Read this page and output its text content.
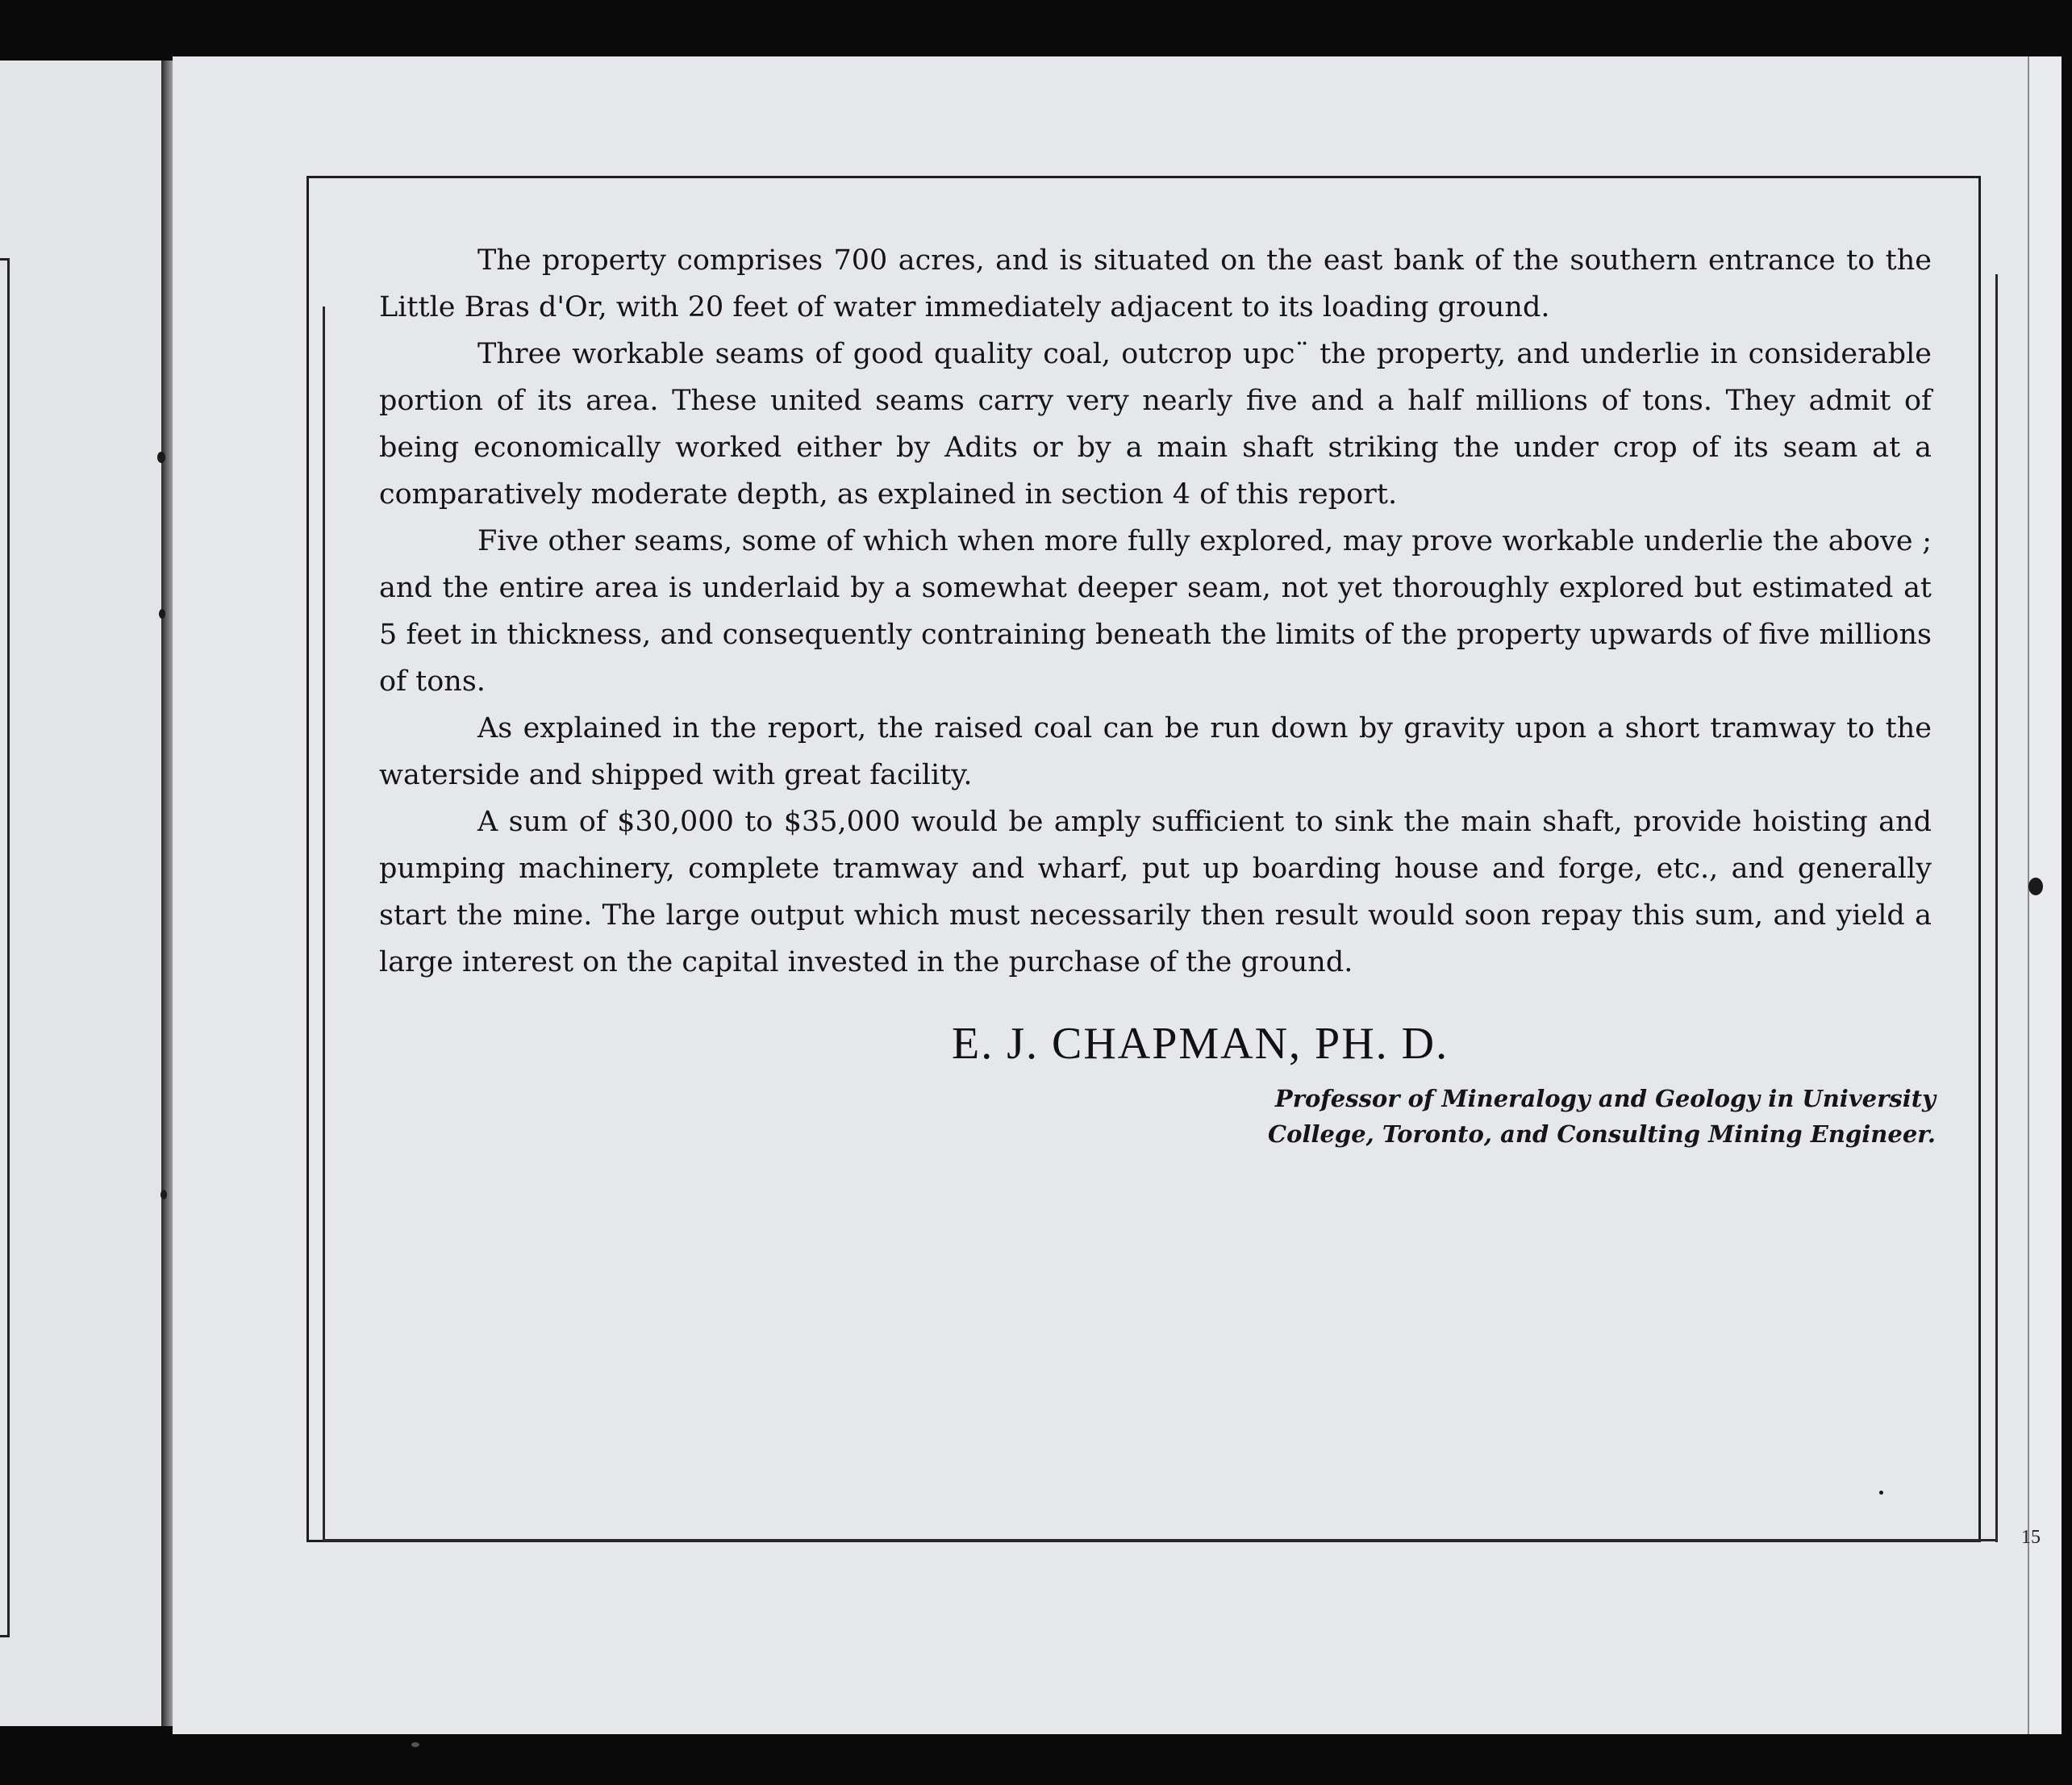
The property comprises 700 acres, and is situated on the east bank of the southern entrance to the Little Bras d'Or, with 20 feet of water immediately adjacent to its loading ground.

Three workable seams of good quality coal, outcrop upc¨ the property, and underlie in considerable portion of its area. These united seams carry very nearly five and a half millions of tons. They admit of being economically worked either by Adits or by a main shaft striking the under crop of its seam at a comparatively moderate depth, as explained in section 4 of this report.

Five other seams, some of which when more fully explored, may prove workable underlie the above ; and the entire area is underlaid by a somewhat deeper seam, not yet thoroughly explored but estimated at 5 feet in thickness, and consequently contraining beneath the limits of the property upwards of five millions of tons.

As explained in the report, the raised coal can be run down by gravity upon a short tramway to the waterside and shipped with great facility.

A sum of $30,000 to $35,000 would be amply sufficient to sink the main shaft, provide hoisting and pumping machinery, complete tramway and wharf, put up boarding house and forge, etc., and generally start the mine. The large output which must necessarily then result would soon repay this sum, and yield a large interest on the capital invested in the purchase of the ground.

E. J. CHAPMAN, PH. D.
Professor of Mineralogy and Geology in University
College, Toronto, and Consulting Mining Engineer.
15
